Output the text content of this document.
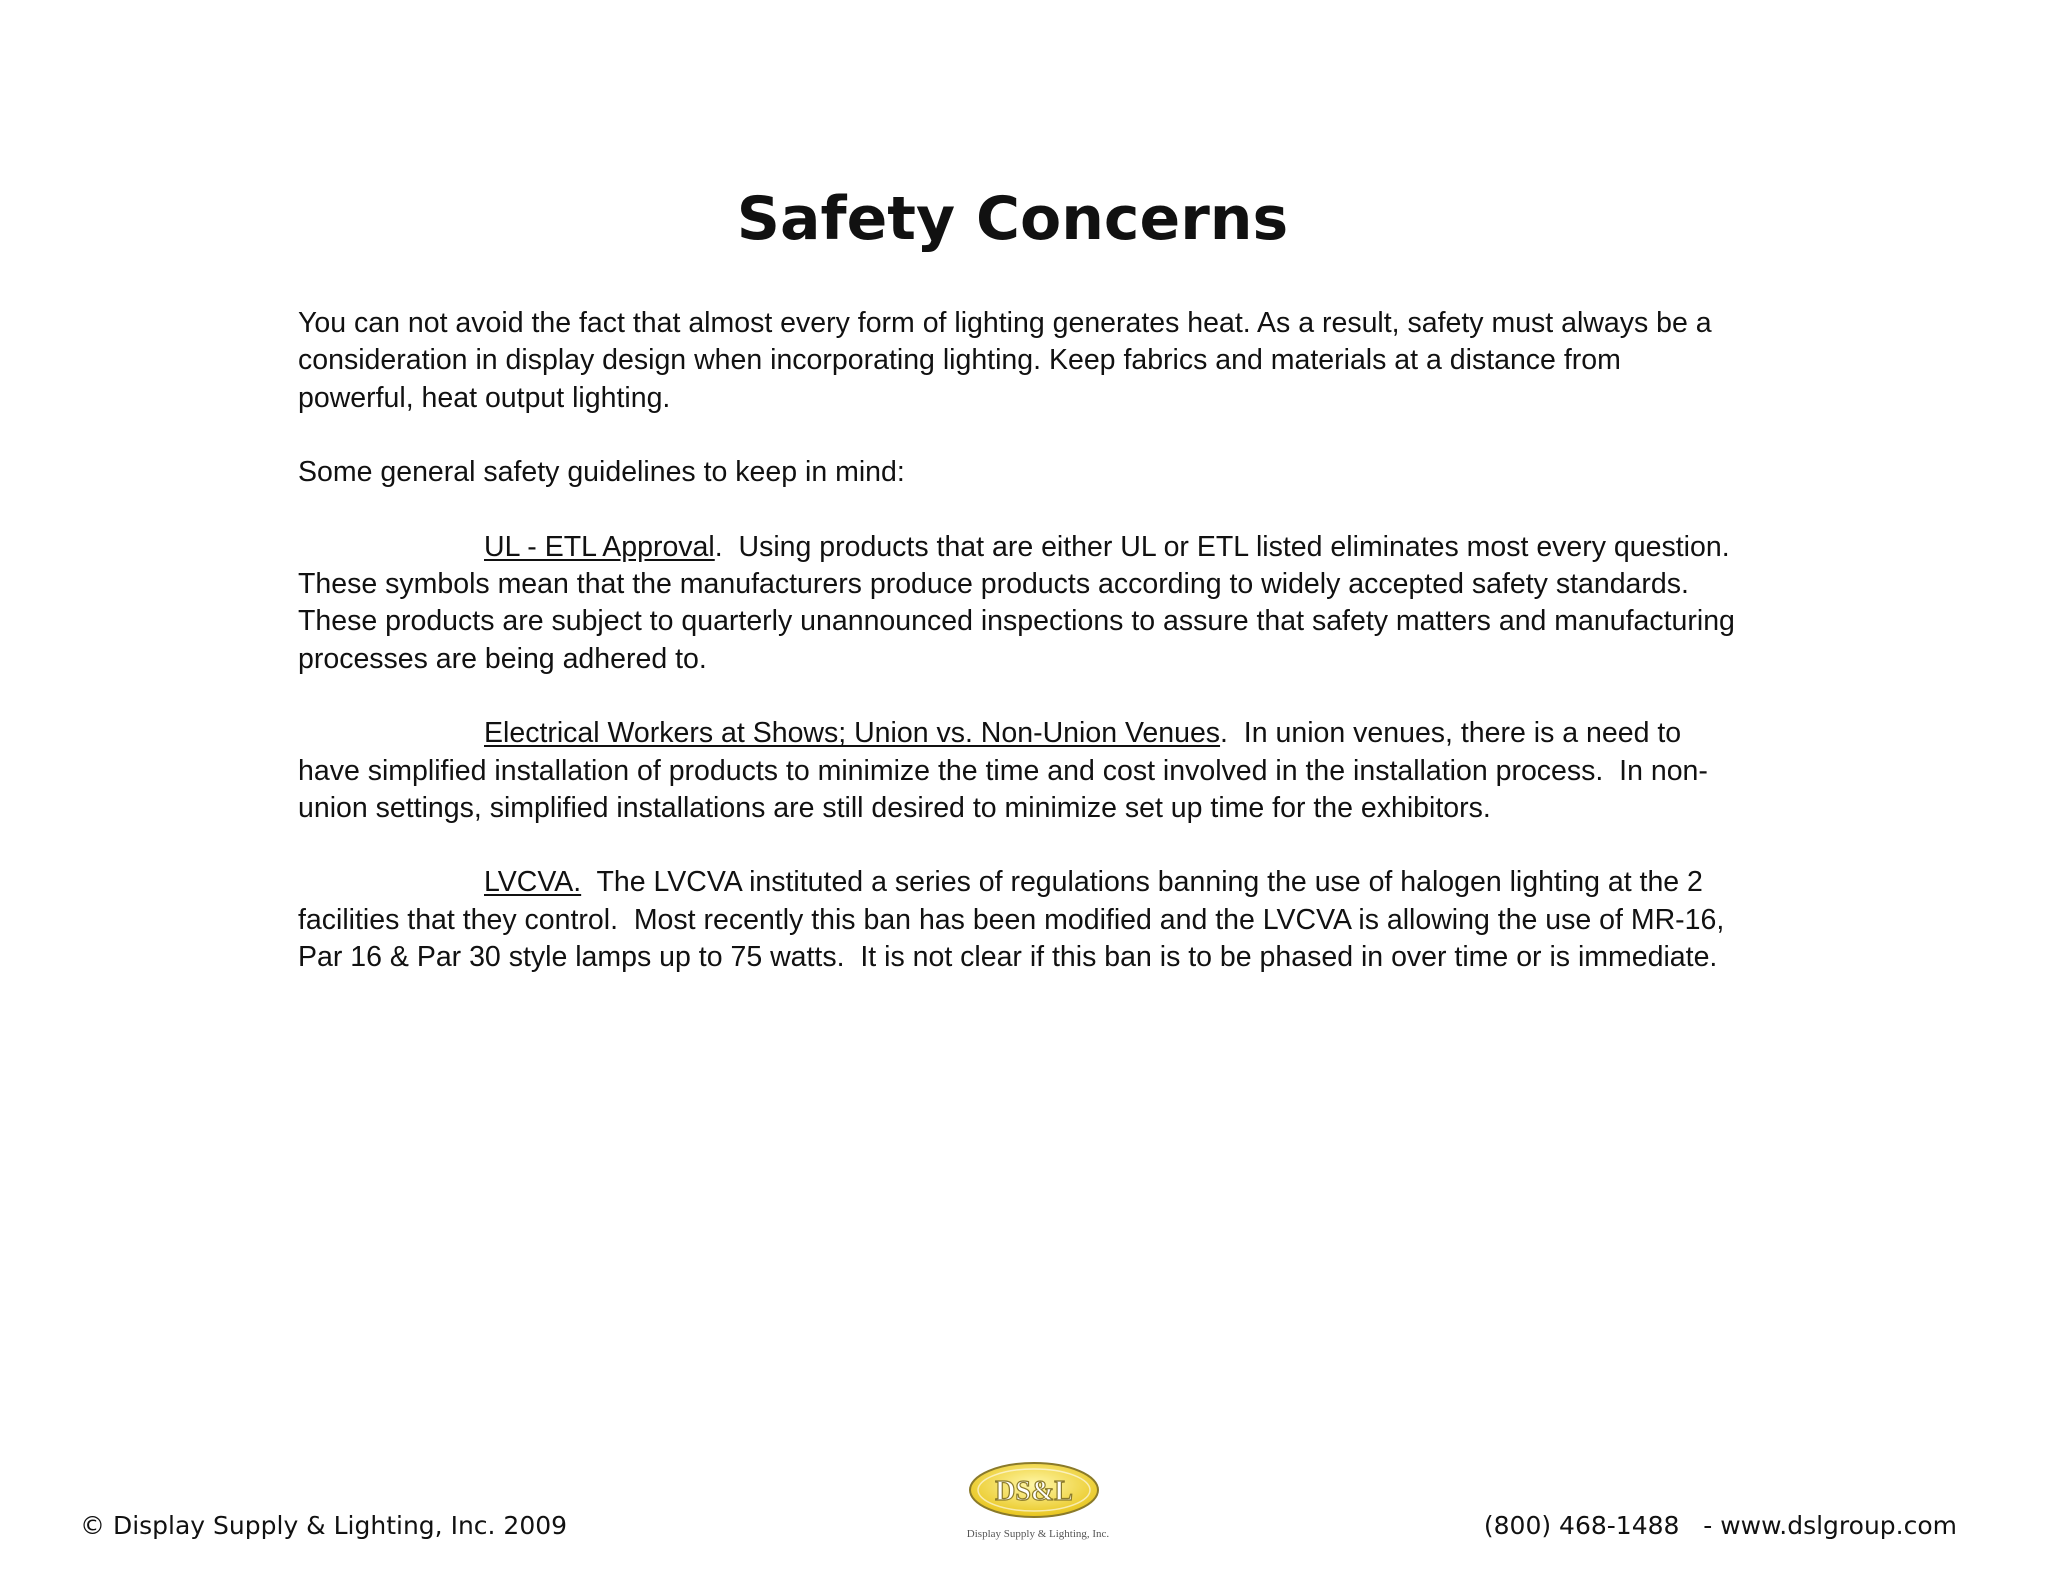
Safety Concerns

You can not avoid the fact that almost every form of lighting generates heat. As a result, safety must always be a consideration in display design when incorporating lighting. Keep fabrics and materials at a distance from powerful, heat output lighting.

Some general safety guidelines to keep in mind:

UL - ETL Approval.  Using products that are either UL or ETL listed eliminates most every question.  These symbols mean that the manufacturers produce products according to widely accepted safety standards.  These products are subject to quarterly unannounced inspections to assure that safety matters and manufacturing processes are being adhered to.

Electrical Workers at Shows; Union vs. Non-Union Venues.  In union venues, there is a need to have simplified installation of products to minimize the time and cost involved in the installation process.  In non-union settings, simplified installations are still desired to minimize set up time for the exhibitors.

LVCVA.  The LVCVA instituted a series of regulations banning the use of halogen lighting at the 2 facilities that they control.  Most recently this ban has been modified and the LVCVA is allowing the use of MR-16, Par 16 & Par 30 style lamps up to 75 watts.  It is not clear if this ban is to be phased in over time or is immediate.

© Display Supply & Lighting, Inc. 2009
DS&L
Display Supply & Lighting, Inc.	(800) 468-1488   - www.dslgroup.com
